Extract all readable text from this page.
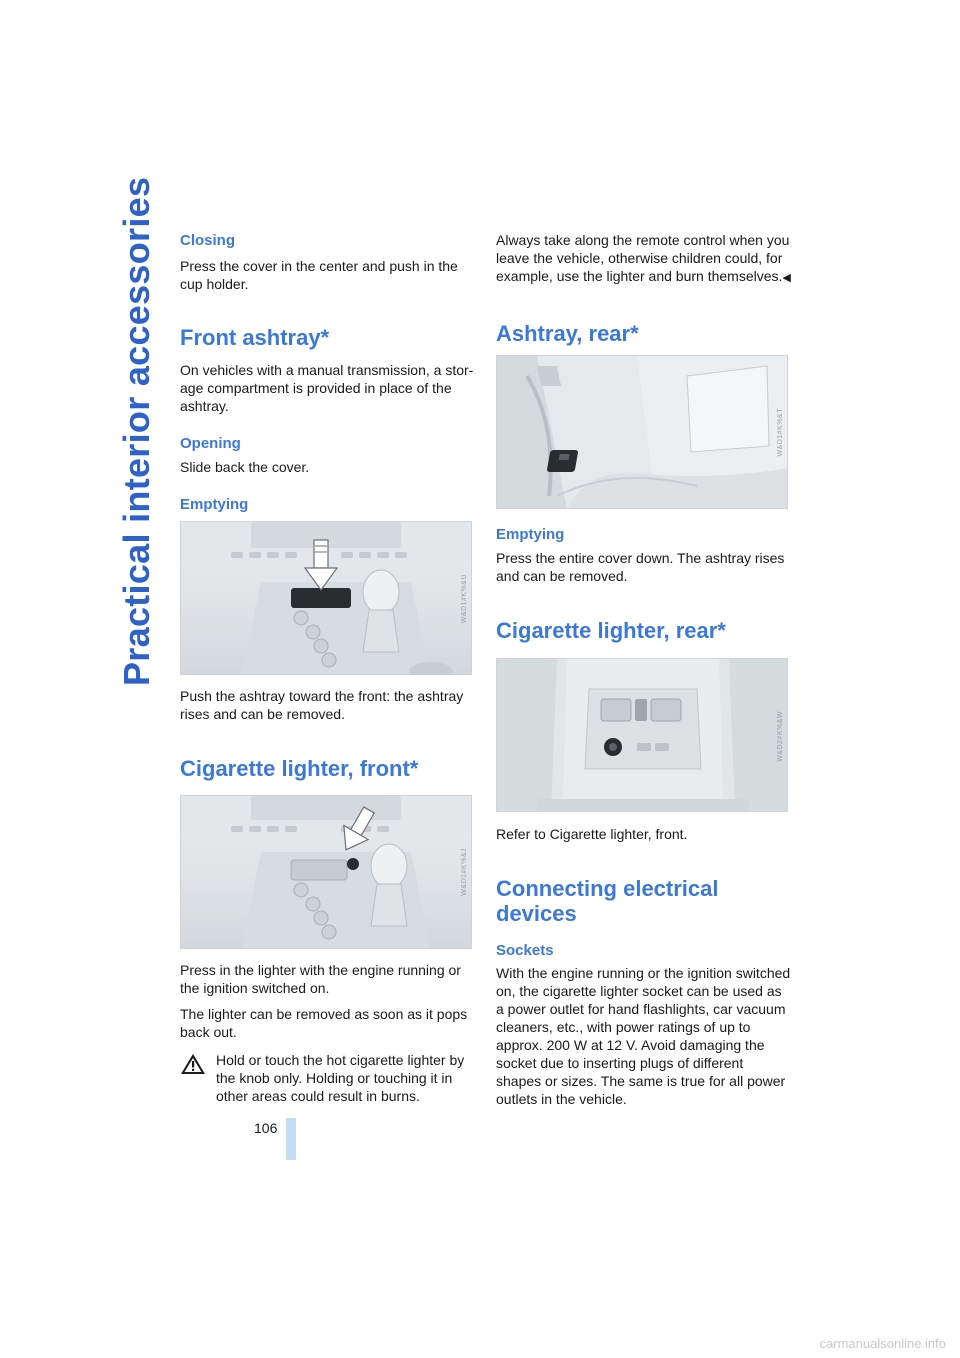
Practical interior accessories Closing

Press the cover in the center and push in the cup holder.

Front ashtray*

On vehicles with a manual transmission, a stor-age compartment is provided in place of the ashtray.

Opening

Slide back the cover.

Emptying
W&D1#K%&U

Push the ashtray toward the front: the ashtray rises and can be removed.

Cigarette lighter, front*
W&D1#K%&J

Press in the lighter with the engine running or the ignition switched on.

The lighter can be removed as soon as it pops back out.

Hold or touch the hot cigarette lighter by the knob only. Holding or touching it in other areas could result in burns.

Always take along the remote control when you leave the vehicle, otherwise children could, for example, use the lighter and burn themselves.◀

Ashtray, rear*
W&D1#K%&T
Emptying

Press the entire cover down. The ashtray rises and can be removed.

Cigarette lighter, rear*
W&D2#K%&W

Refer to Cigarette lighter, front.

Connecting electrical devices
Sockets

With the engine running or the ignition switched on, the cigarette lighter socket can be used as a power outlet for hand flashlights, car vacuum cleaners, etc., with power ratings of up to approx. 200 W at 12 V. Avoid damaging the socket due to inserting plugs of different shapes or sizes. The same is true for all power outlets in the vehicle.

106
carmanualsonline.info
